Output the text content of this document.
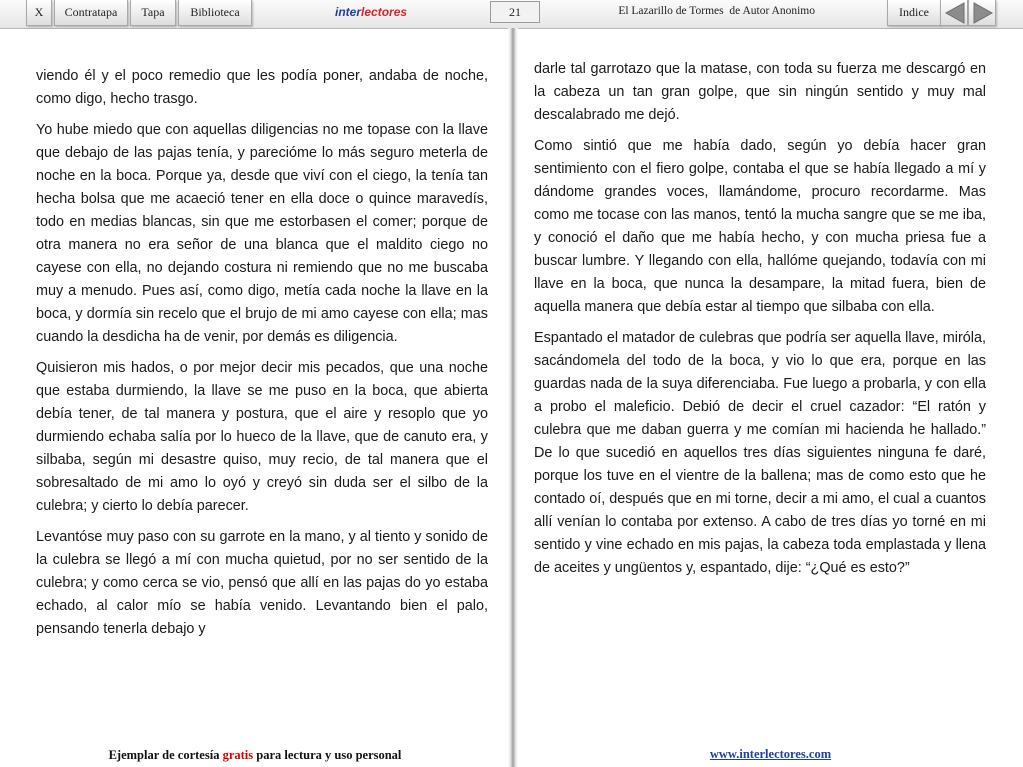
X	Contratapa	Tapa	Biblioteca	interlectores	21	El Lazarillo de Tormes  de Autor Anonimo	Indice

viendo él y el poco remedio que les podía poner, andaba de noche, como digo, hecho trasgo.

Yo hube miedo que con aquellas diligencias no me topase con la llave que debajo de las pajas tenía, y parecióme lo más seguro meterla de noche en la boca. Porque ya, desde que viví con el ciego, la tenía tan hecha bolsa que me acaeció tener en ella doce o quince maravedís, todo en medias blancas, sin que me estorbasen el comer; porque de otra manera no era señor de una blanca que el maldito ciego no cayese con ella, no dejando costura ni remiendo que no me buscaba muy a menudo. Pues así, como digo, metía cada noche la llave en la boca, y dormía sin recelo que el brujo de mi amo cayese con ella; mas cuando la desdicha ha de venir, por demás es diligencia.

Quisieron mis hados, o por mejor decir mis pecados, que una noche que estaba durmiendo, la llave se me puso en la boca, que abierta debía tener, de tal manera y postura, que el aire y resoplo que yo durmiendo echaba salía por lo hueco de la llave, que de canuto era, y silbaba, según mi desastre quiso, muy recio, de tal manera que el sobresaltado de mi amo lo oyó y creyó sin duda ser el silbo de la culebra; y cierto lo debía parecer.

Levantóse muy paso con su garrote en la mano, y al tiento y sonido de la culebra se llegó a mí con mucha quietud, por no ser sentido de la culebra; y como cerca se vio, pensó que allí en las pajas do yo estaba echado, al calor mío se había venido. Levantando bien el palo, pensando tenerla debajo y

darle tal garrotazo que la matase, con toda su fuerza me descargó en la cabeza un tan gran golpe, que sin ningún sentido y muy mal descalabrado me dejó.

Como sintió que me había dado, según yo debía hacer gran sentimiento con el fiero golpe, contaba el que se había llegado a mí y dándome grandes voces, llamándome, procuro recordarme. Mas como me tocase con las manos, tentó la mucha sangre que se me iba, y conoció el daño que me había hecho, y con mucha priesa fue a buscar lumbre. Y llegando con ella, hallóme quejando, todavía con mi llave en la boca, que nunca la desampare, la mitad fuera, bien de aquella manera que debía estar al tiempo que silbaba con ella.

Espantado el matador de culebras que podría ser aquella llave, miróla, sacándomela del todo de la boca, y vio lo que era, porque en las guardas nada de la suya diferenciaba. Fue luego a probarla, y con ella a probo el maleficio. Debió de decir el cruel cazador: “El ratón y culebra que me daban guerra y me comían mi hacienda he hallado.” De lo que sucedió en aquellos tres días siguientes ninguna fe daré, porque los tuve en el vientre de la ballena; mas de como esto que he contado oí, después que en mi torne, decir a mi amo, el cual a cuantos allí venían lo contaba por extenso. A cabo de tres días yo torné en mi sentido y vine echado en mis pajas, la cabeza toda emplastada y llena de aceites y ungüentos y, espantado, dije: “¿Qué es esto?”

Ejemplar de cortesía gratis para lectura y uso personal	www.interlectores.com
